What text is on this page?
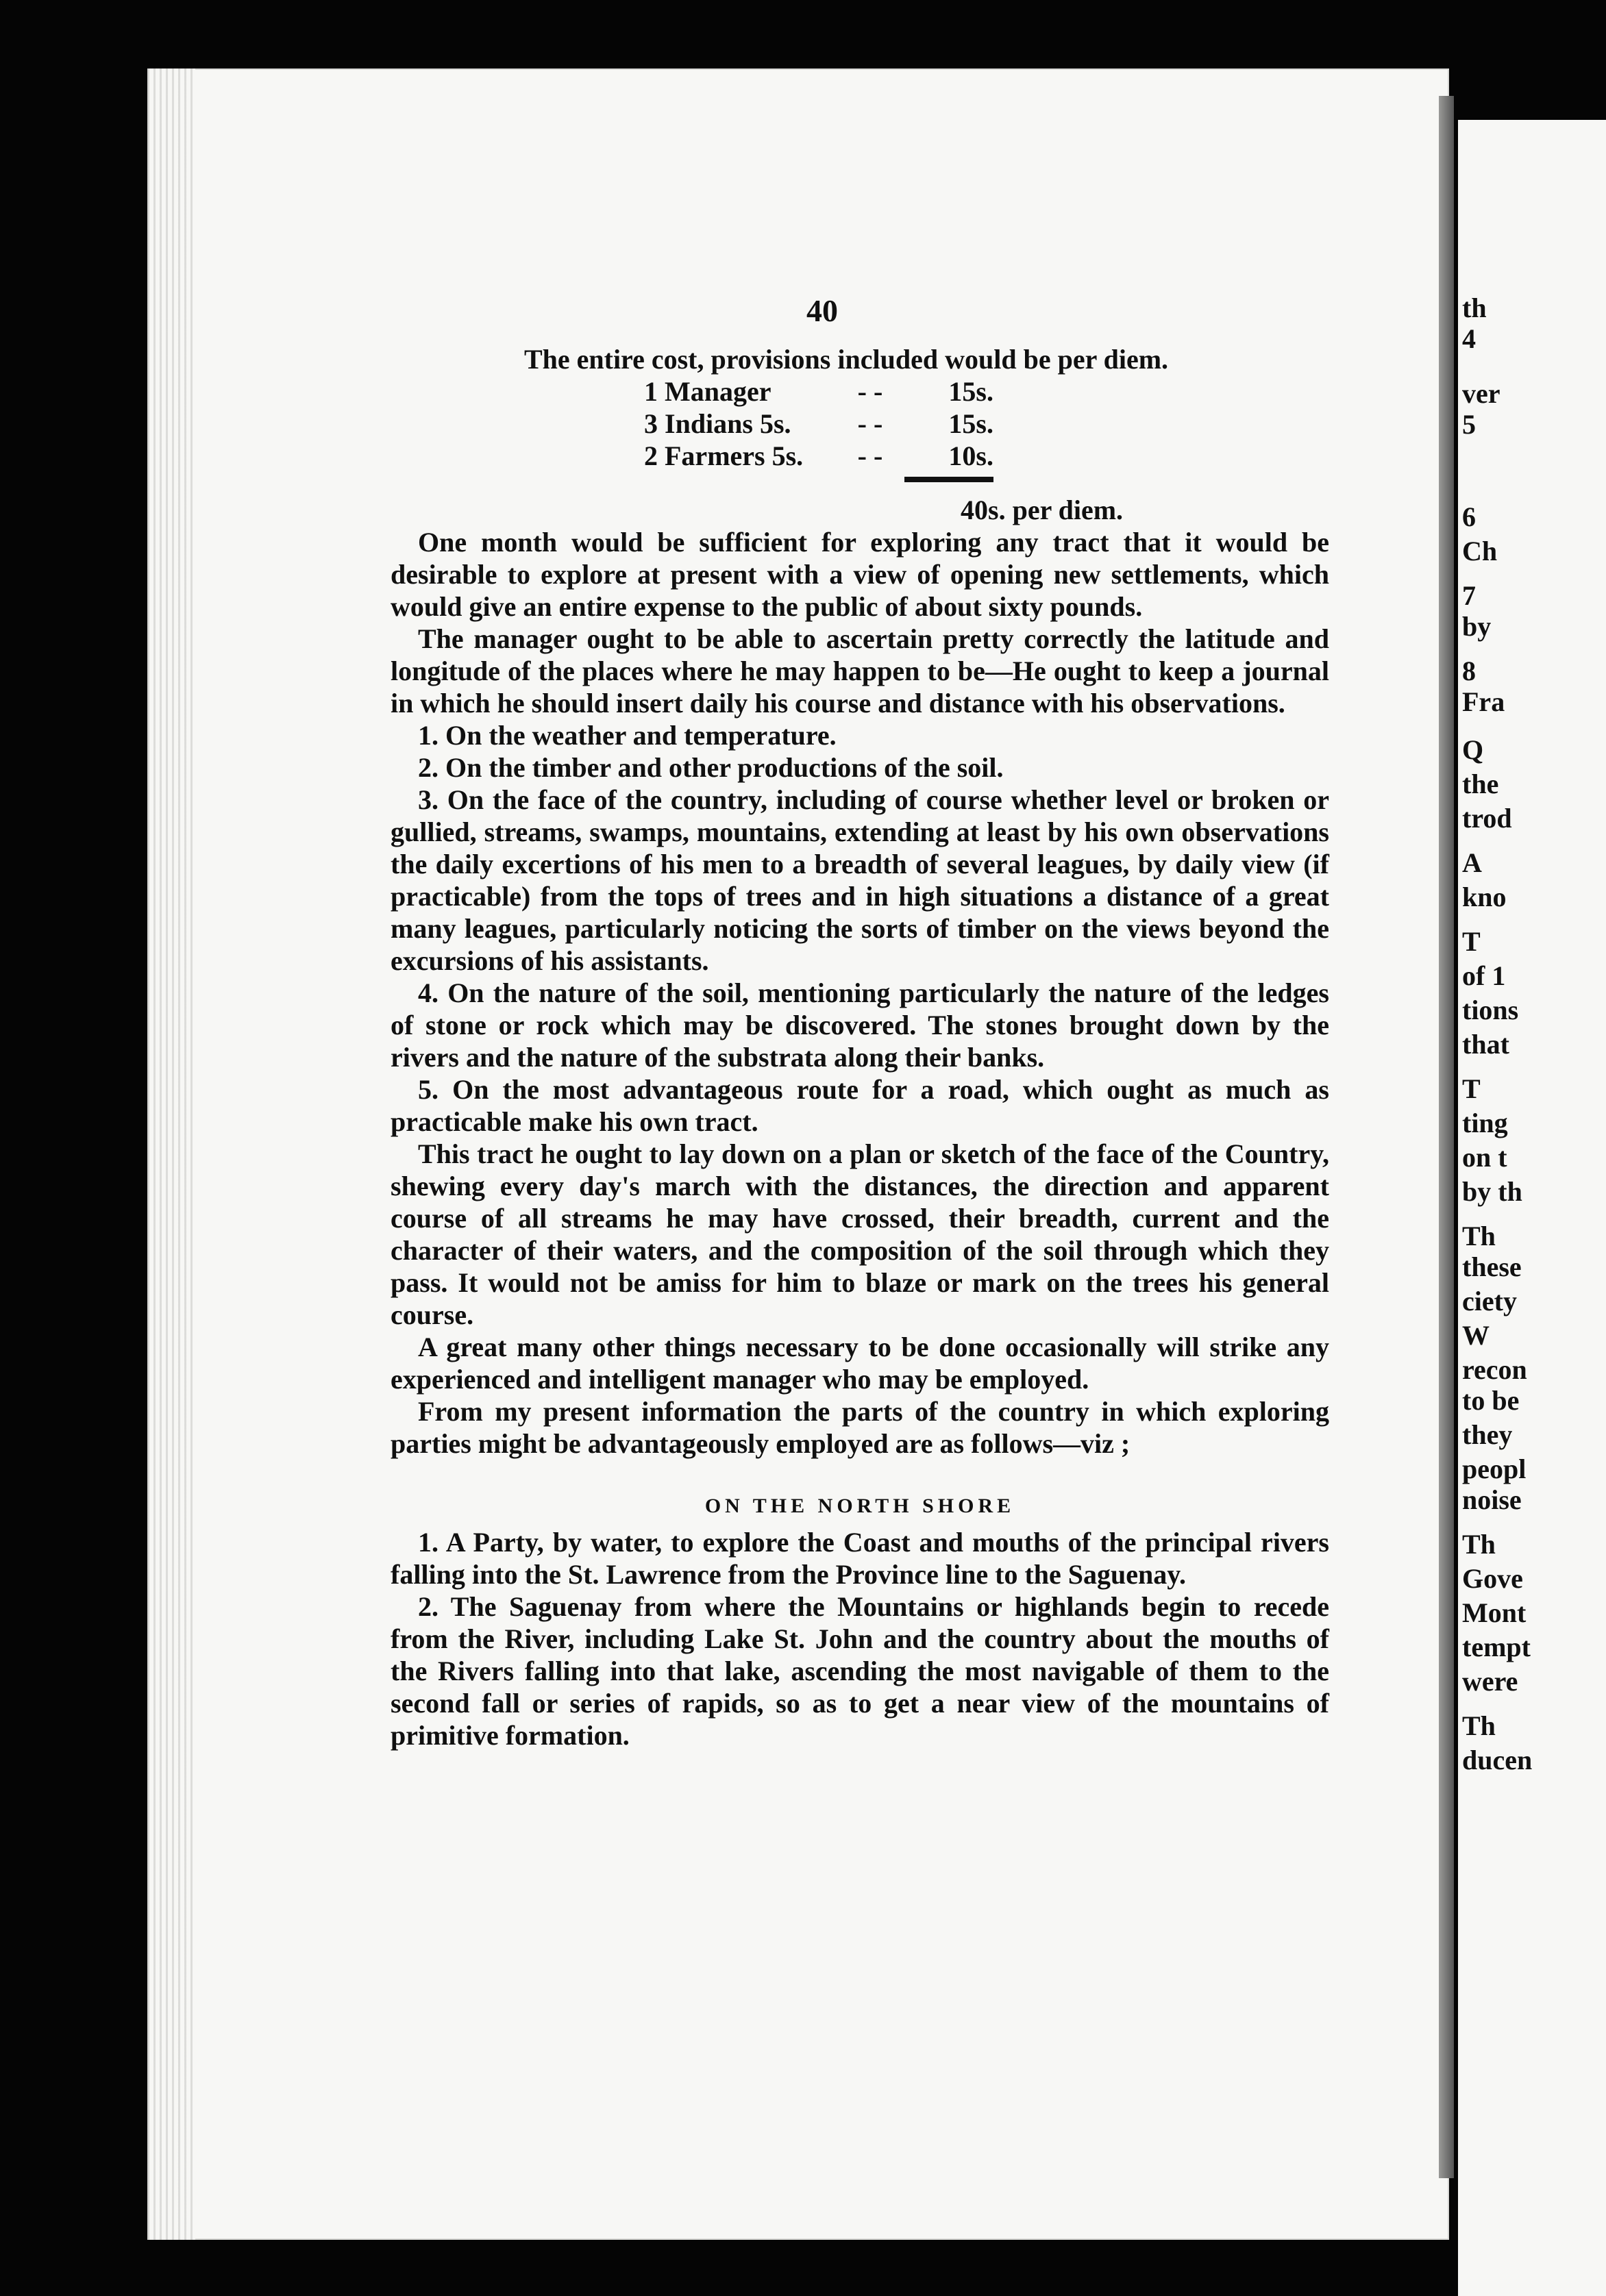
th
4
ver
5
6
Ch
7
by
8
Fra
Q
the
trod
A
kno
T
of 1
tions
that
T
ting
on t
by th
Th
these
ciety
W
recon
to be
they
peopl
noise
Th
Gove
Mont
tempt
were
Th
ducen
40

The entire cost, provisions included would be per diem.

1 Manager	- -	15s.
3 Indians 5s.	- -	15s.
2 Farmers 5s.	- -	10s.

40s. per diem.

One month would be sufficient for exploring any tract that it would be desirable to explore at present with a view of opening new settlements, which would give an entire expense to the public of about sixty pounds.

The manager ought to be able to ascertain pretty correctly the latitude and longitude of the places where he may happen to be—He ought to keep a journal in which he should insert daily his course and distance with his observations.

1. On the weather and temperature.

2. On the timber and other productions of the soil.

3. On the face of the country, including of course whether level or broken or gullied, streams, swamps, mountains, extending at least by his own observations the daily excertions of his men to a breadth of several leagues, by daily view (if practicable) from the tops of trees and in high situations a distance of a great many leagues, particularly noticing the sorts of timber on the views beyond the excursions of his assistants.

4. On the nature of the soil, mentioning particularly the nature of the ledges of stone or rock which may be discovered. The stones brought down by the rivers and the nature of the substrata along their banks.

5. On the most advantageous route for a road, which ought as much as practicable make his own tract.

This tract he ought to lay down on a plan or sketch of the face of the Country, shewing every day's march with the distances, the direction and apparent course of all streams he may have crossed, their breadth, current and the character of their waters, and the composition of the soil through which they pass. It would not be amiss for him to blaze or mark on the trees his general course.

A great many other things necessary to be done occasionally will strike any experienced and intelligent manager who may be employed.

From my present information the parts of the country in which exploring parties might be advantageously employed are as follows—viz ;

ON THE NORTH SHORE

1. A Party, by water, to explore the Coast and mouths of the principal rivers falling into the St. Lawrence from the Province line to the Saguenay.

2. The Saguenay from where the Mountains or highlands begin to recede from the River, including Lake St. John and the country about the mouths of the Rivers falling into that lake, ascending the most navigable of them to the second fall or series of rapids, so as to get a near view of the mountains of primitive formation.
